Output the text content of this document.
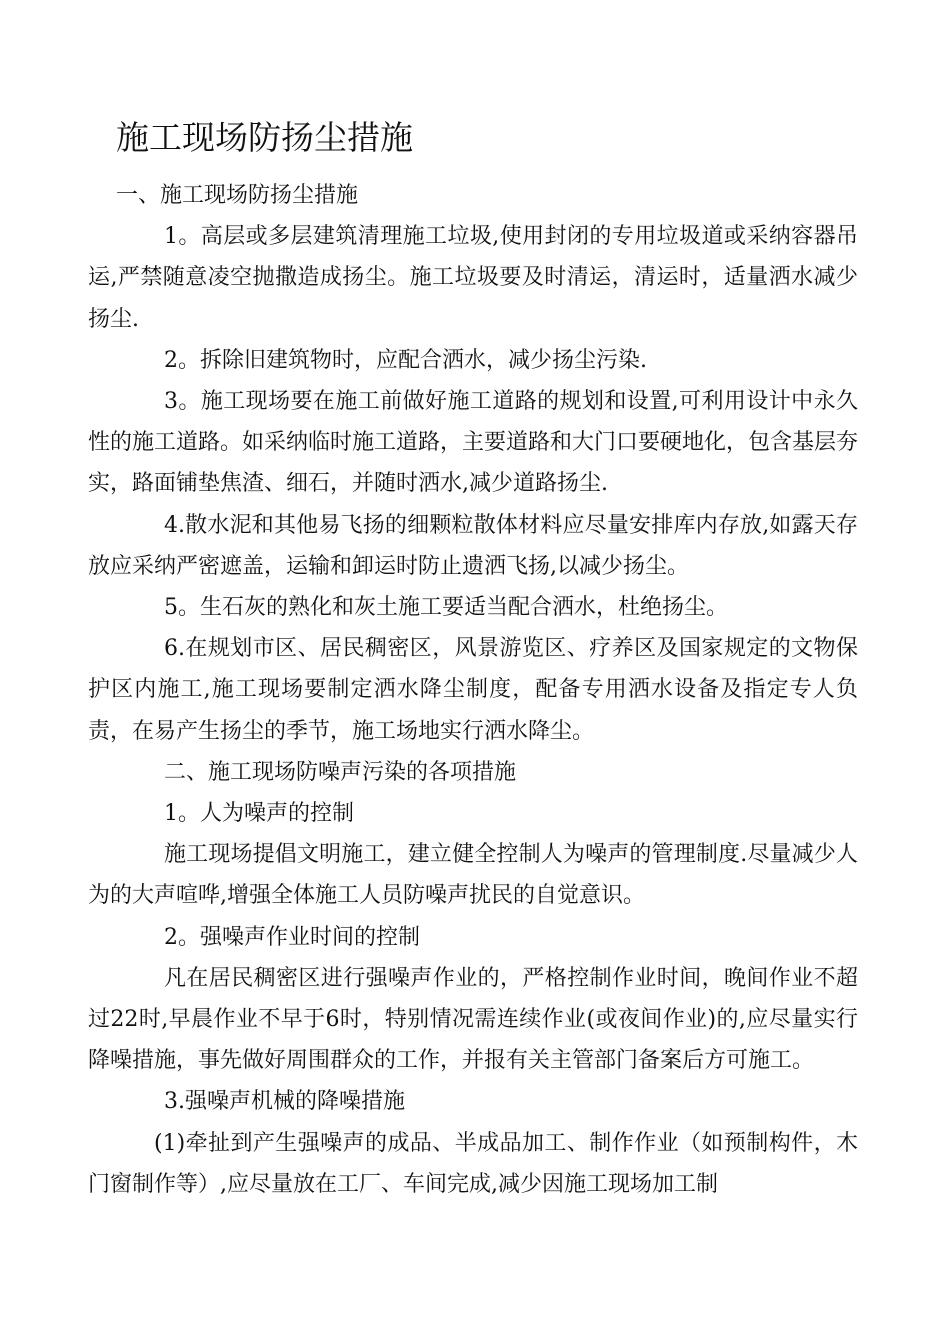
施工现场防扬尘措施

一、施工现场防扬尘措施

1。高层或多层建筑清理施工垃圾,使用封闭的专用垃圾道或采纳容器吊运,严禁随意凌空抛撒造成扬尘。施工垃圾要及时清运，清运时，适量洒水减少扬尘.

2。拆除旧建筑物时，应配合洒水，减少扬尘污染.

3。施工现场要在施工前做好施工道路的规划和设置,可利用设计中永久性的施工道路。如采纳临时施工道路，主要道路和大门口要硬地化，包含基层夯实，路面铺垫焦渣、细石，并随时洒水,减少道路扬尘.

4.散水泥和其他易飞扬的细颗粒散体材料应尽量安排库内存放,如露天存放应采纳严密遮盖，运输和卸运时防止遗洒飞扬,以减少扬尘。

5。生石灰的熟化和灰土施工要适当配合洒水，杜绝扬尘。

6.在规划市区、居民稠密区，风景游览区、疗养区及国家规定的文物保护区内施工,施工现场要制定洒水降尘制度，配备专用洒水设备及指定专人负责，在易产生扬尘的季节，施工场地实行洒水降尘。

二、施工现场防噪声污染的各项措施

1。人为噪声的控制

施工现场提倡文明施工，建立健全控制人为噪声的管理制度.尽量减少人为的大声喧哗,增强全体施工人员防噪声扰民的自觉意识。

2。强噪声作业时间的控制

凡在居民稠密区进行强噪声作业的，严格控制作业时间，晚间作业不超过22时,早晨作业不早于6时，特别情况需连续作业(或夜间作业)的,应尽量实行降噪措施，事先做好周围群众的工作，并报有关主管部门备案后方可施工。

3.强噪声机械的降噪措施

(1)牵扯到产生强噪声的成品、半成品加工、制作作业（如预制构件，木门窗制作等）,应尽量放在工厂、车间完成,减少因施工现场加工制
